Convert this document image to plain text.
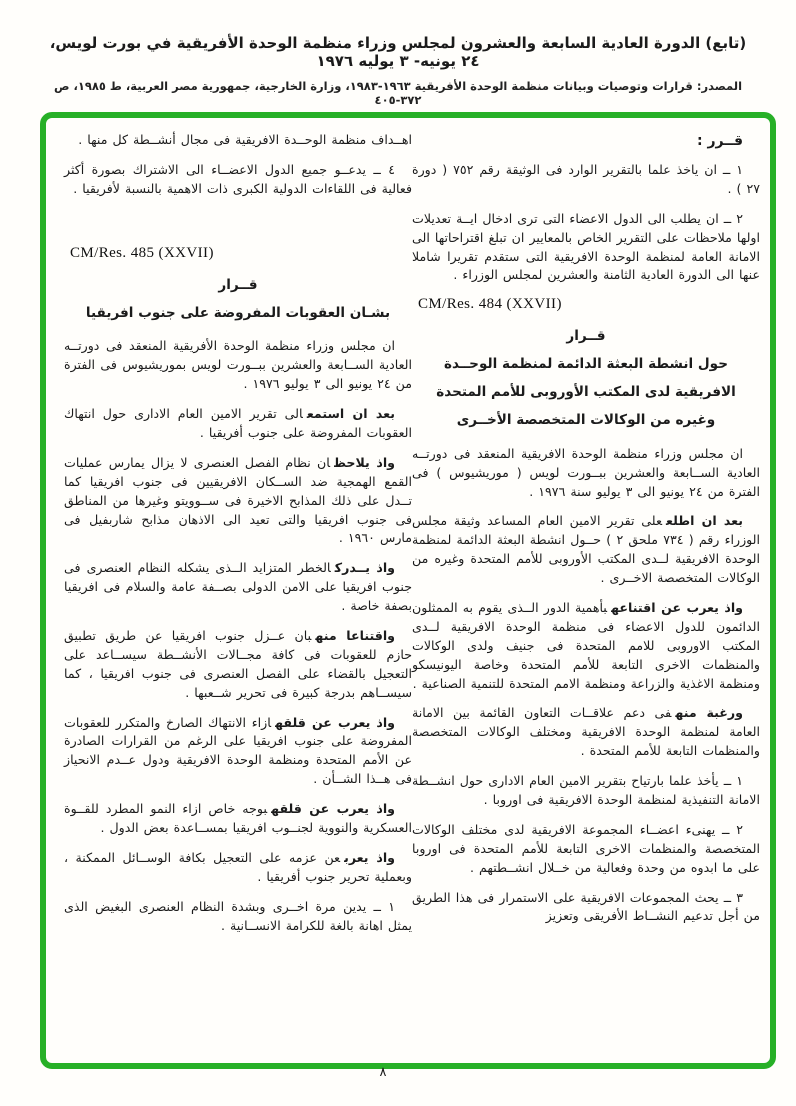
(تابع) الدورة العادية السابعة والعشرون لمجلس وزراء منظمة الوحدة الأفريقية في بورت لويس، ٢٤ يونيه- ٣ يوليه ١٩٧٦
المصدر: قرارات وتوصيات وبيانات منظمة الوحدة الأفريقية ١٩٦٣-١٩٨٣، وزارة الخارجية، جمهورية مصر العربية، ط ١٩٨٥، ص ٣٧٢-٤٠٥

اهــداف منظمة الوحــدة الافريقية فى مجال أنشــطة كل منها .

٤ ــ يدعــو جميع الدول الاعضــاء الى الاشتراك بصورة أكثر فعالية فى اللقاءات الدولية الكبرى ذات الاهمية بالنسبة لأفريقيا .

CM/Res. 485 (XXVII)
قــرار
بشـان العقوبات المفروضة على جنوب افريقيا

ان مجلس وزراء منظمة الوحدة الأفريقية المنعقد فى دورتــه العادية الســابعة والعشرين ببــورت لويس بموريشيوس فى الفترة من ٢٤ يونيو الى ٣ يوليو ١٩٧٦ .

بعد ان استمعالى تقرير الامين العام الادارى حول انتهاك العقوبات المفروضة على جنوب أفريقيا .

واذ يلاحظان نظام الفصل العنصرى لا يزال يمارس عمليات القمع الهمجية ضد الســكان الافريقيين فى جنوب افريقيا كما تــدل على ذلك المذابح الاخيرة فى ســوويتو وغيرها من المناطق فى جنوب افريقيا والتى تعيد الى الاذهان مذابح شاربفيل فى مارس ١٩٦٠ .

واذ يــدركالخطر المتزايد الــذى يشكله النظام العنصرى فى جنوب افريقيا على الامن الدولى بصــفة عامة والسلام فى افريقيا بصفة خاصة .

واقتناعا منهبان عــزل جنوب افريقيا عن طريق تطبيق حازم للعقوبات فى كافة مجــالات الأنشــطة سيســاعد على التعجيل بالقضاء على الفصل العنصرى فى جنوب افريقيا ، كما سيســاهم بدرجة كبيرة فى تحرير شــعبها .

واذ يعرب عن قلقهازاء الانتهاك الصارخ والمتكرر للعقوبات المفروضة على جنوب افريقيا على الرغم من القرارات الصادرة عن الأمم المتحدة ومنظمة الوحدة الافريقية ودول عــدم الانحياز فى هــذا الشــأن .

واذ يعرب عن قلقهبوجه خاص ازاء النمو المطرد للقــوة العسكرية والنووية لجنــوب افريقيا بمســاعدة بعض الدول .

واذ يعربعن عزمه على التعجيل بكافة الوســائل الممكنة ، وبعملية تحرير جنوب أفريقيا .

١ ــ يدين مرة اخــرى وبشدة النظام العنصرى البغيض الذى يمثل اهانة بالغة للكرامة الانســانية .

قــرر :

١ ــ ان ياخذ علما بالتقرير الوارد فى الوثيقة رقم ٧٥٢ ( دورة ٢٧ ) .

٢ ــ ان يطلب الى الدول الاعضاء التى ترى ادخال ايــة تعديلات اولها ملاحظات على التقرير الخاص بالمعايير ان تبلغ اقتراحاتها الى الامانة العامة لمنظمة الوحدة الافريقية التى ستقدم تقريرا شاملا عنها الى الدورة العادية الثامنة والعشرين لمجلس الوزراء .

CM/Res. 484 (XXVII)
قــرار
حول انشطة البعثة الدائمة لمنظمة الوحــدة
الافريقية لدى المكتب الأوروبى للأمم المتحدة
وغيره من الوكالات المتخصصة الأخــرى

ان مجلس وزراء منظمة الوحدة الافريقية المنعقد فى دورتــه العادية الســابعة والعشرين ببــورت لويس ( موريشيوس ) فى الفترة من ٢٤ يونيو الى ٣ يوليو سنة ١٩٧٦ .

بعد ان اطلععلى تقرير الامين العام المساعد وثيقة مجلس الوزراء رقم ( ٧٣٤ ملحق ٢ ) حــول انشطة البعثة الدائمة لمنظمة الوحدة الافريقية لــدى المكتب الأوروبى للأمم المتحدة وغيره من الوكالات المتخصصة الاخــرى .

واذ يعرب عن اقتناعهبأهمية الدور الــذى يقوم به الممثلون الدائمون للدول الاعضاء فى منظمة الوحدة الافريقية لــدى المكتب الاوروبى للامم المتحدة فى جنيف ولدى الوكالات والمنظمات الاخرى التابعة للأمم المتحدة وخاصة اليونيسكو ومنظمة الاغذية والزراعة ومنظمة الامم المتحدة للتنمية الصناعية .

ورغبة منهفى دعم علاقــات التعاون القائمة بين الامانة العامة لمنظمة الوحدة الافريقية ومختلف الوكالات المتخصصة والمنظمات التابعة للأمم المتحدة .

١ ــ يأخذ علما بارتياح بتقرير الامين العام الادارى حول انشــطة الامانة التنفيذية لمنظمة الوحدة الافريقية فى اوروبا .

٢ ــ يهنىء اعضــاء المجموعة الافريقية لدى مختلف الوكالات المتخصصة والمنظمات الاخرى التابعة للأمم المتحدة فى اوروبا على ما ابدوه من وحدة وفعالية من خــلال انشــطتهم .

٣ ــ يحث المجموعات الافريقية على الاستمرار فى هذا الطريق من أجل تدعيم النشــاط الأفريقى وتعزيز

٨
